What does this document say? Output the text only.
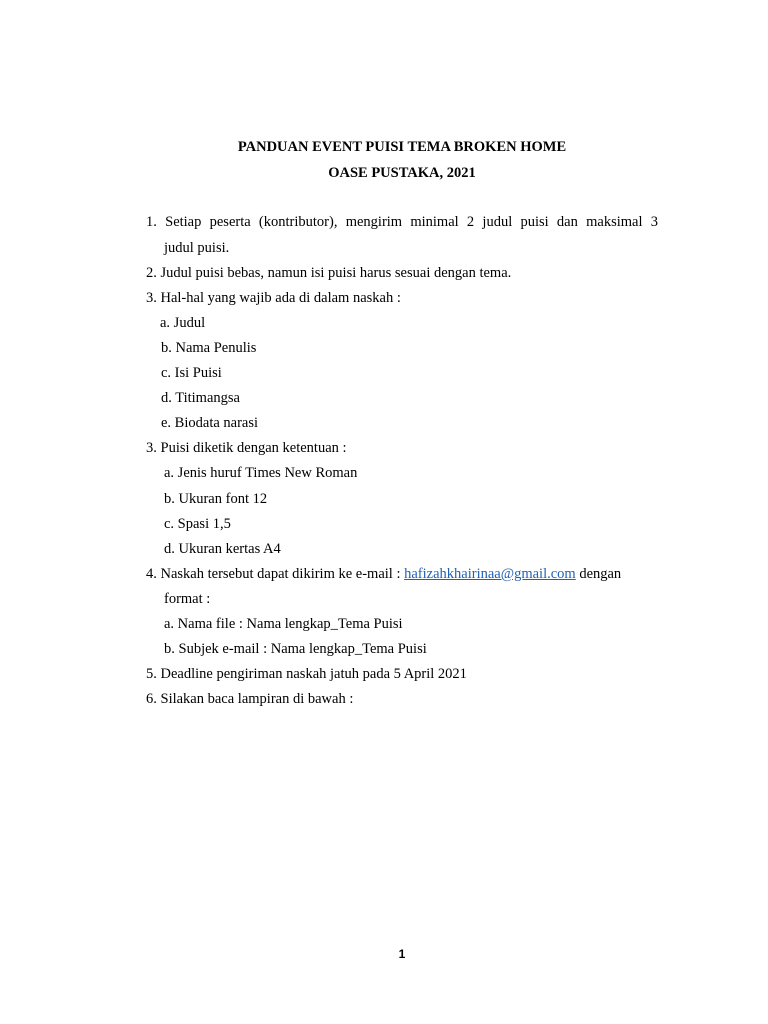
PANDUAN EVENT PUISI TEMA BROKEN HOME
OASE PUSTAKA, 2021
1. Setiap peserta (kontributor), mengirim minimal 2 judul puisi dan maksimal 3
judul puisi.
2. Judul puisi bebas, namun isi puisi harus sesuai dengan tema.
3. Hal-hal yang wajib ada di dalam naskah :
a. Judul
b. Nama Penulis
c. Isi Puisi
d. Titimangsa
e. Biodata narasi
3. Puisi diketik dengan ketentuan :
a. Jenis huruf Times New Roman
b. Ukuran font 12
c. Spasi 1,5
d. Ukuran kertas A4
4. Naskah tersebut dapat dikirim ke e-mail : hafizahkhairinaa@gmail.com dengan
format :
a. Nama file : Nama lengkap_Tema Puisi
b. Subjek e-mail : Nama lengkap_Tema Puisi
5. Deadline pengiriman naskah jatuh pada 5 April 2021
6. Silakan baca lampiran di bawah :
1
